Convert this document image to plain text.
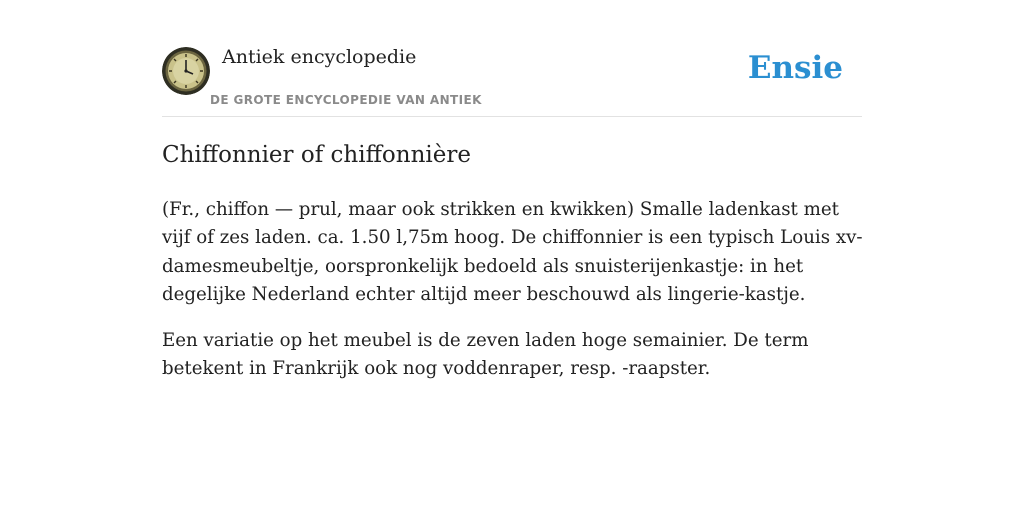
Antiek encyclopedie
DE GROTE ENCYCLOPEDIE VAN ANTIEK
Ensie
Chiffonnier of chiffonnière

(Fr., chiffon — prul, maar ook strikken en kwikken) Smalle ladenkast met vijf of zes laden. ca. 1.50 l,75m hoog. De chiffonnier is een typisch Louis xv-damesmeubeltje, oorspronkelijk bedoeld als snuisterijenkastje: in het degelijke Nederland echter altijd meer beschouwd als lingerie-kastje.

Een variatie op het meubel is de zeven laden hoge semainier. De term betekent in Frankrijk ook nog voddenraper, resp. -raapster.
